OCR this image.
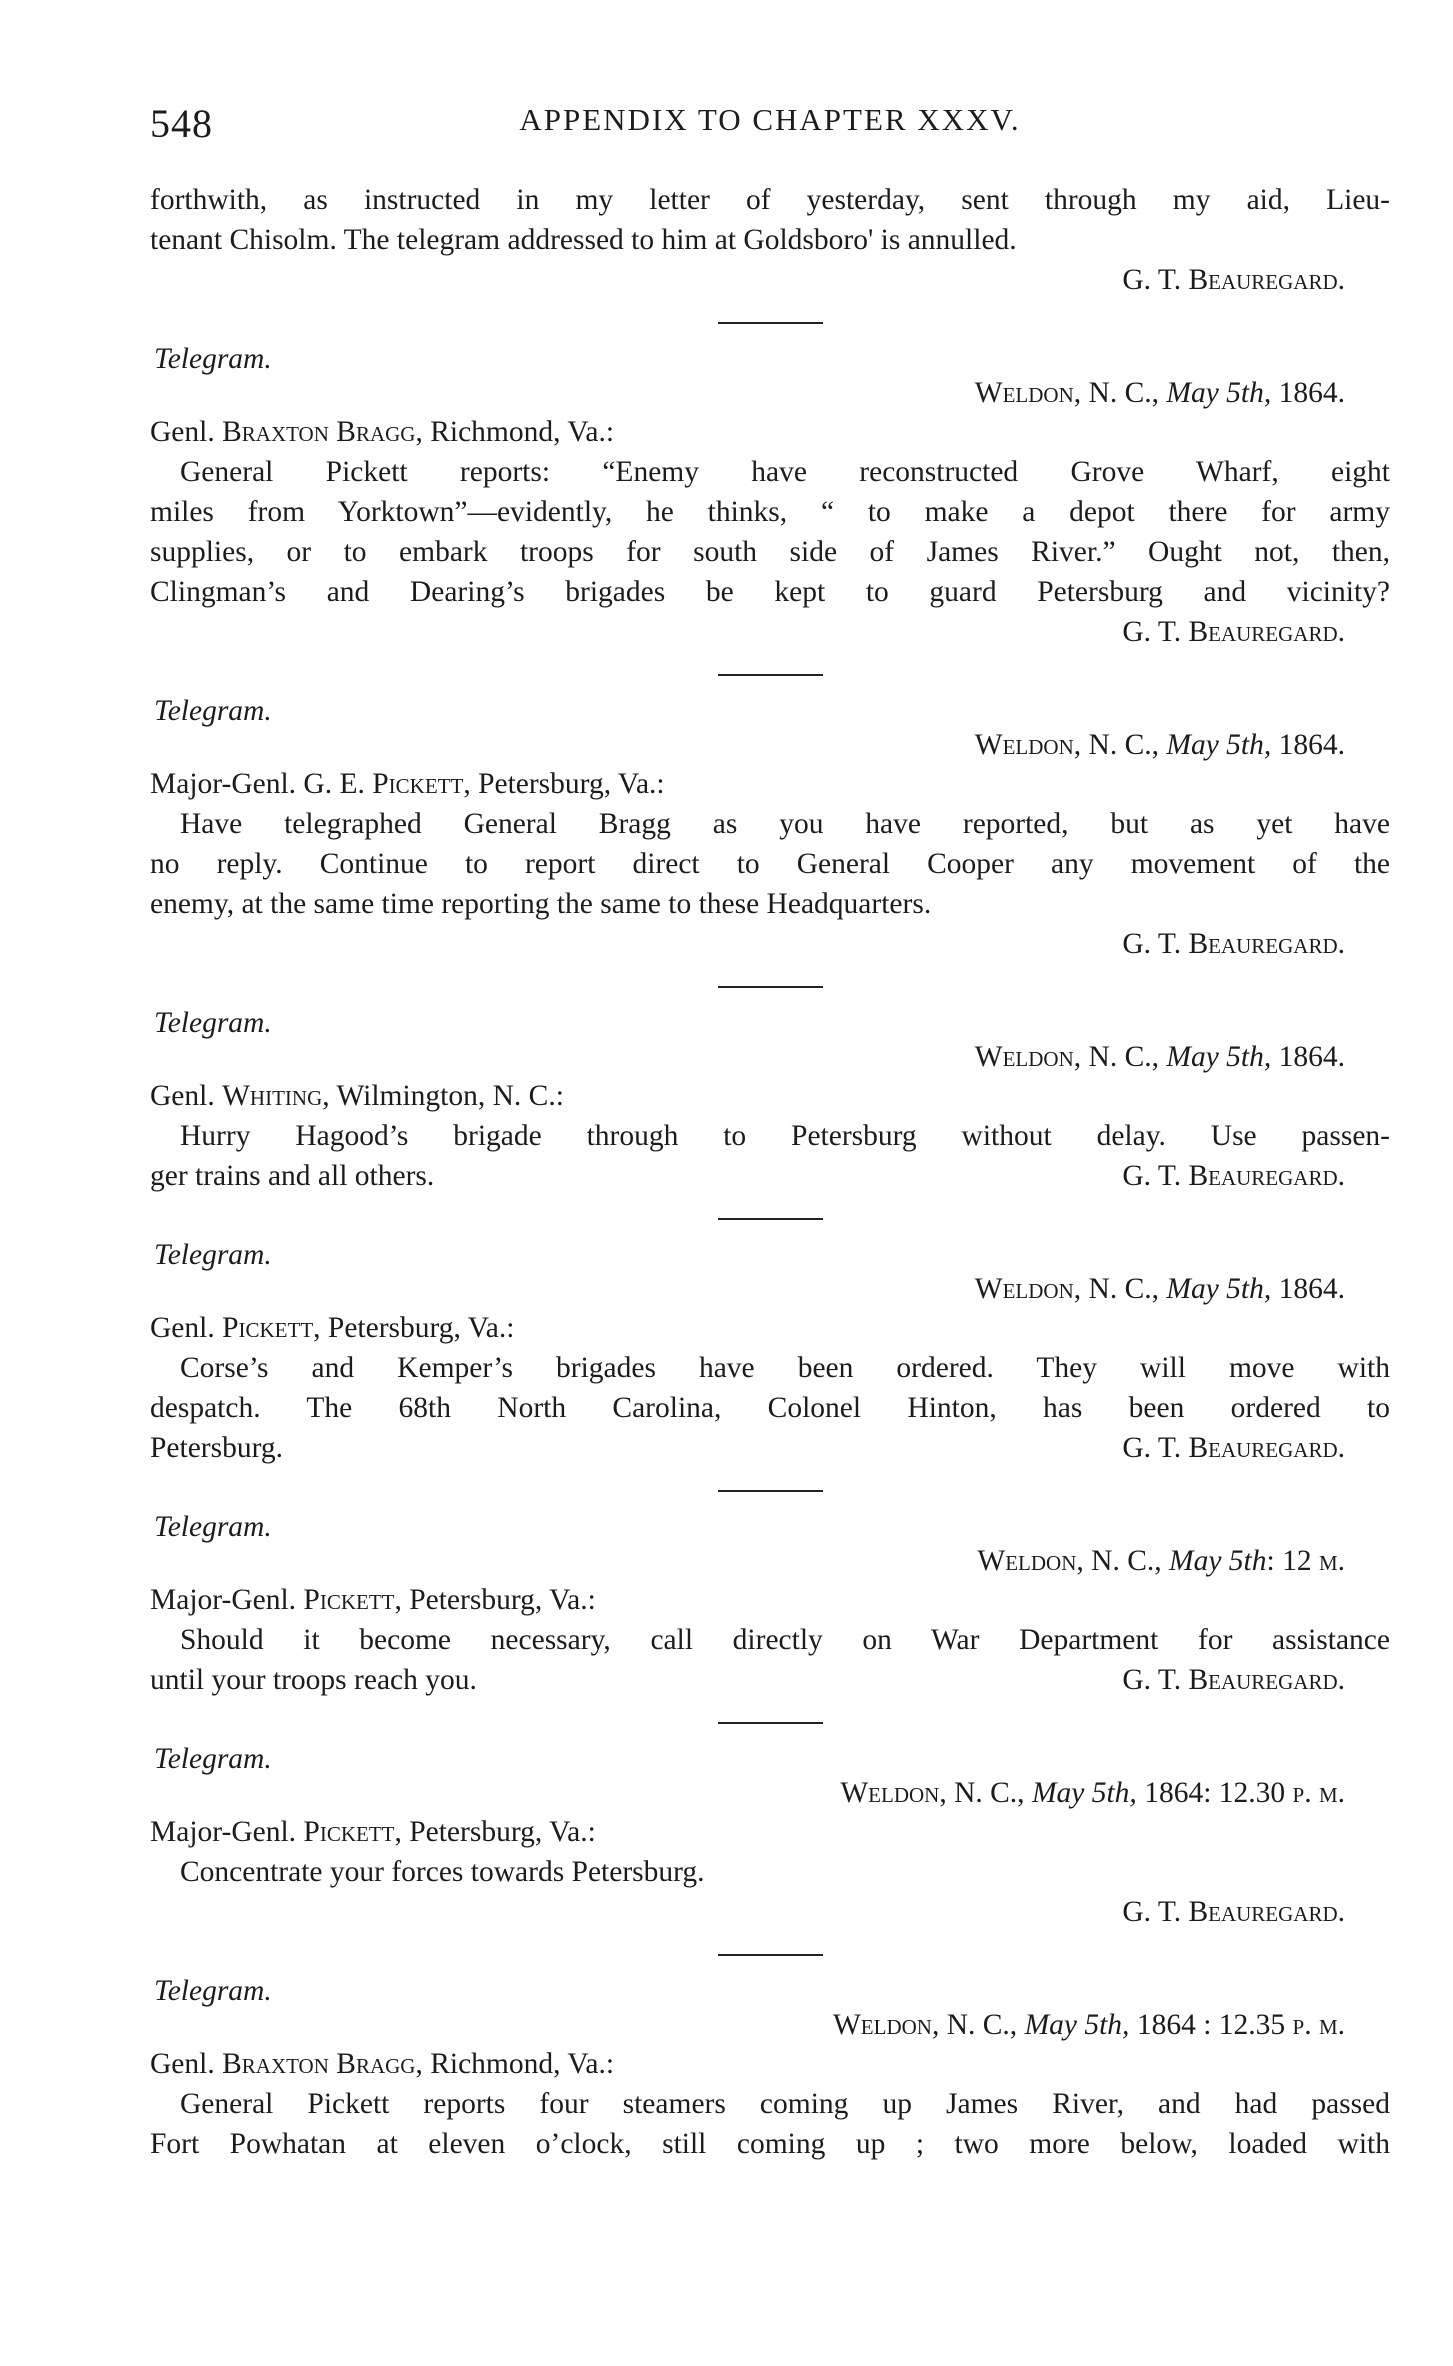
548	APPENDIX TO CHAPTER XXXV.
forthwith, as instructed in my letter of yesterday, sent through my aid, Lieu-
tenant Chisolm. The telegram addressed to him at Goldsboro' is annulled.
G. T. Beauregard.
Telegram.
Weldon, N. C., May 5th, 1864.
Genl. Braxton Bragg, Richmond, Va.:
General Pickett reports: “Enemy have reconstructed Grove Wharf, eight
miles from Yorktown”—evidently, he thinks, “ to make a depot there for army
supplies, or to embark troops for south side of James River.” Ought not, then,
Clingman’s and Dearing’s brigades be kept to guard Petersburg and vicinity?
G. T. Beauregard.
Telegram.
Weldon, N. C., May 5th, 1864.
Major-Genl. G. E. Pickett, Petersburg, Va.:
Have telegraphed General Bragg as you have reported, but as yet have
no reply. Continue to report direct to General Cooper any movement of the
enemy, at the same time reporting the same to these Headquarters.
G. T. Beauregard.
Telegram.
Weldon, N. C., May 5th, 1864.
Genl. Whiting, Wilmington, N. C.:
Hurry Hagood’s brigade through to Petersburg without delay. Use passen-
ger trains and all others.	G. T. Beauregard.
Telegram.
Weldon, N. C., May 5th, 1864.
Genl. Pickett, Petersburg, Va.:
Corse’s and Kemper’s brigades have been ordered. They will move with
despatch. The 68th North Carolina, Colonel Hinton, has been ordered to
Petersburg.	G. T. Beauregard.
Telegram.
Weldon, N. C., May 5th: 12 m.
Major-Genl. Pickett, Petersburg, Va.:
Should it become necessary, call directly on War Department for assistance
until your troops reach you.	G. T. Beauregard.
Telegram.
Weldon, N. C., May 5th, 1864: 12.30 p. m.
Major-Genl. Pickett, Petersburg, Va.:
Concentrate your forces towards Petersburg.
G. T. Beauregard.
Telegram.
Weldon, N. C., May 5th, 1864 : 12.35 p. m.
Genl. Braxton Bragg, Richmond, Va.:
General Pickett reports four steamers coming up James River, and had passed
Fort Powhatan at eleven o’clock, still coming up ; two more below, loaded with
